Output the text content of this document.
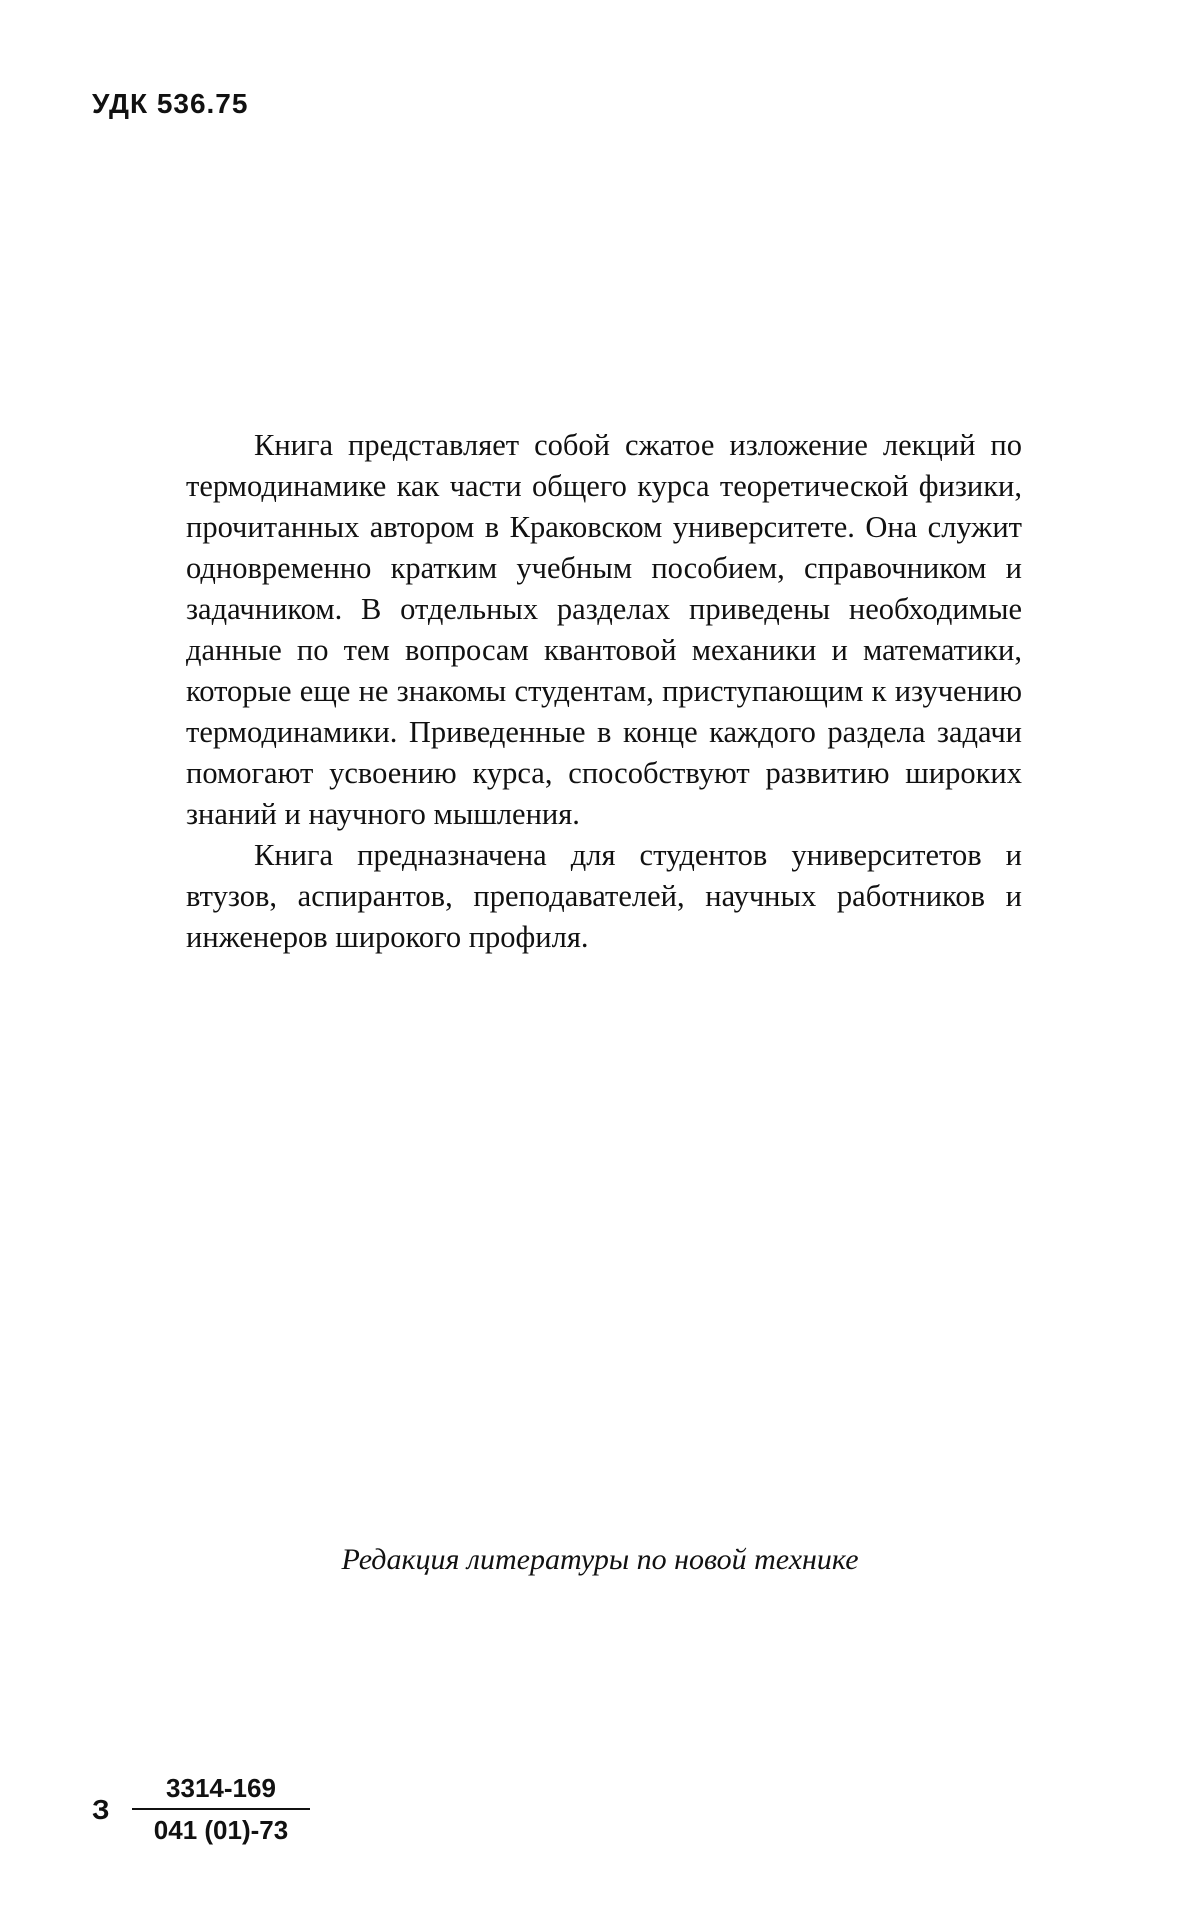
УДК 536.75

Книга представляет собой сжатое изложение лекций по термодинамике как части общего курса теоретической физики, прочитанных автором в Краковском университете. Она служит одновременно кратким учебным пособием, справочником и задачником. В отдельных разделах приведены необходимые данные по тем вопросам квантовой механики и математики, которые еще не знакомы студентам, приступающим к изучению термодинамики. Приведенные в конце каждого раздела задачи помогают усвоению курса, способствуют развитию широких знаний и научного мышления.

Книга предназначена для студентов университетов и втузов, аспирантов, преподавателей, научных работников и инженеров широкого профиля.

Редакция литературы по новой технике
З $\frac{3314-169}{041 (01)-73}$
